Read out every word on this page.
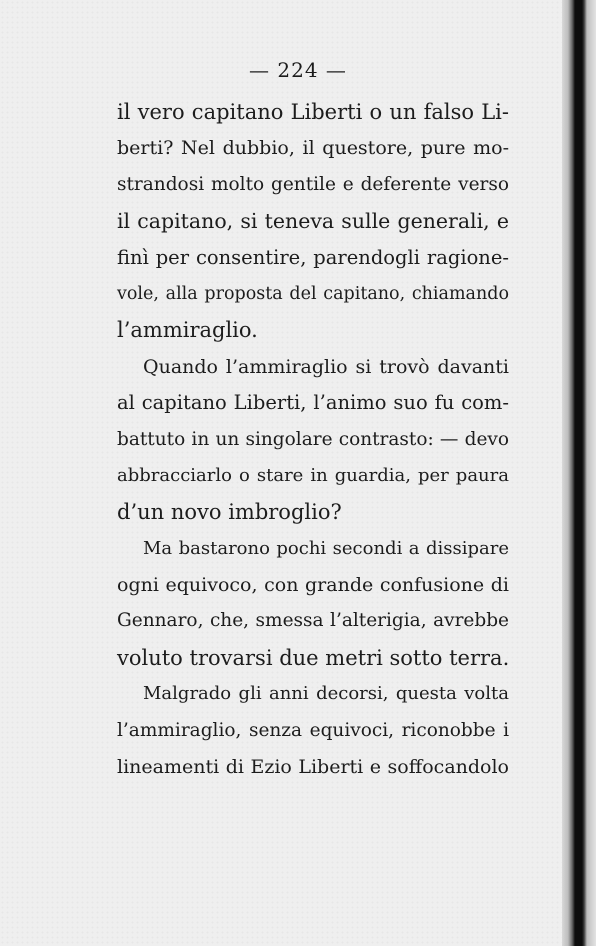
— 224 —
il vero capitano Liberti o un falso Li-
berti? Nel dubbio, il questore, pure mo-
strandosi molto gentile e deferente verso
il capitano, si teneva sulle generali, e
finì per consentire, parendogli ragione-
vole, alla proposta del capitano, chiamando
l’ammiraglio.
Quando l’ammiraglio si trovò davanti
al capitano Liberti, l’animo suo fu com-
battuto in un singolare contrasto: — devo
abbracciarlo o stare in guardia, per paura
d’un novo imbroglio?
Ma bastarono pochi secondi a dissipare
ogni equivoco, con grande confusione di
Gennaro, che, smessa l’alterigia, avrebbe
voluto trovarsi due metri sotto terra.
Malgrado gli anni decorsi, questa volta
l’ammiraglio, senza equivoci, riconobbe i
lineamenti di Ezio Liberti e soffocandolo
